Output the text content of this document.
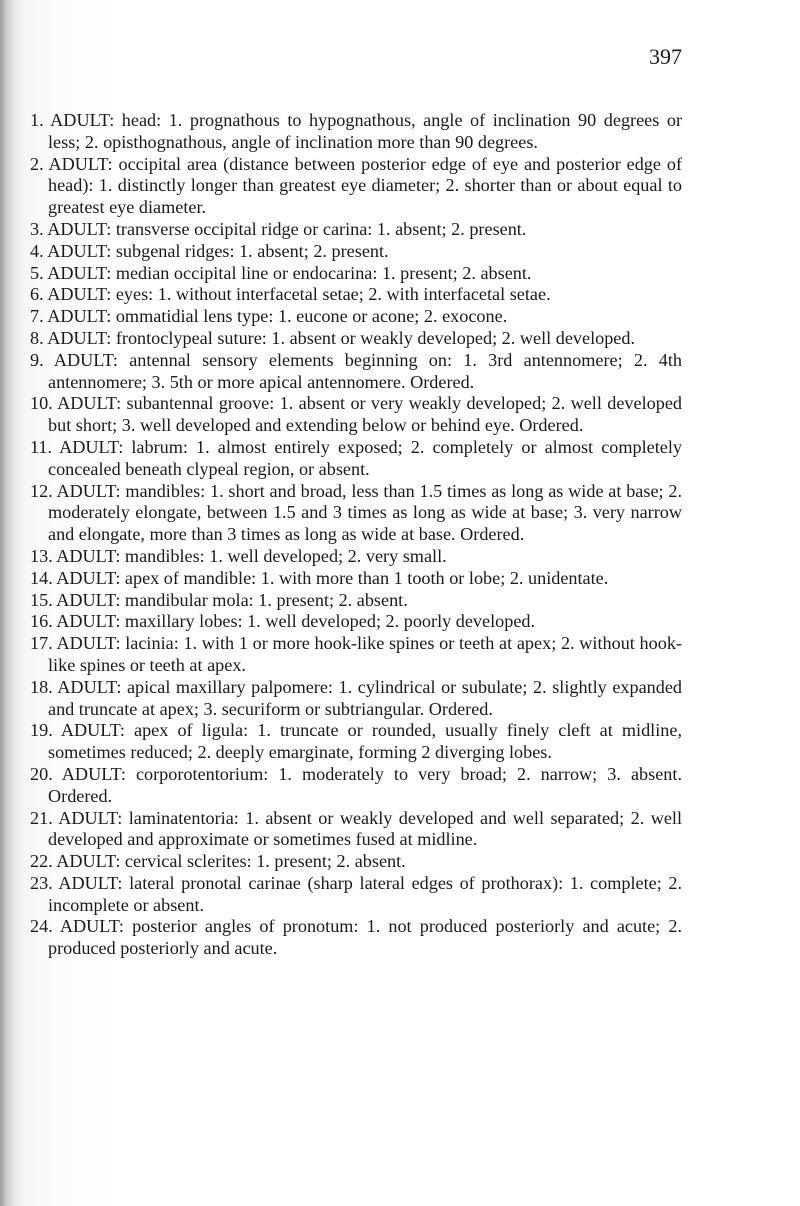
397

1. ADULT: head: 1. prognathous to hypognathous, angle of inclination 90 degrees or less; 2. opisthognathous, angle of inclination more than 90 degrees.
2. ADULT: occipital area (distance between posterior edge of eye and posterior edge of head): 1. distinctly longer than greatest eye diameter; 2. shorter than or about equal to greatest eye diameter.
3. ADULT: transverse occipital ridge or carina: 1. absent; 2. present.
4. ADULT: subgenal ridges: 1. absent; 2. present.
5. ADULT: median occipital line or endocarina: 1. present; 2. absent.
6. ADULT: eyes: 1. without interfacetal setae; 2. with interfacetal setae.
7. ADULT: ommatidial lens type: 1. eucone or acone; 2. exocone.
8. ADULT: frontoclypeal suture: 1. absent or weakly developed; 2. well developed.
9. ADULT: antennal sensory elements beginning on: 1. 3rd antennomere; 2. 4th antennomere; 3. 5th or more apical antennomere. Ordered.
10. ADULT: subantennal groove: 1. absent or very weakly developed; 2. well developed but short; 3. well developed and extending below or behind eye. Ordered.
11. ADULT: labrum: 1. almost entirely exposed; 2. completely or almost completely concealed beneath clypeal region, or absent.
12. ADULT: mandibles: 1. short and broad, less than 1.5 times as long as wide at base; 2. moderately elongate, between 1.5 and 3 times as long as wide at base; 3. very narrow and elongate, more than 3 times as long as wide at base. Ordered.
13. ADULT: mandibles: 1. well developed; 2. very small.
14. ADULT: apex of mandible: 1. with more than 1 tooth or lobe; 2. unidentate.
15. ADULT: mandibular mola: 1. present; 2. absent.
16. ADULT: maxillary lobes: 1. well developed; 2. poorly developed.
17. ADULT: lacinia: 1. with 1 or more hook-like spines or teeth at apex; 2. without hook-like spines or teeth at apex.
18. ADULT: apical maxillary palpomere: 1. cylindrical or subulate; 2. slightly expanded and truncate at apex; 3. securiform or subtriangular. Ordered.
19. ADULT: apex of ligula: 1. truncate or rounded, usually finely cleft at midline, sometimes reduced; 2. deeply emarginate, forming 2 diverging lobes.
20. ADULT: corporotentorium: 1. moderately to very broad; 2. narrow; 3. absent. Ordered.
21. ADULT: laminatentoria: 1. absent or weakly developed and well separated; 2. well developed and approximate or sometimes fused at midline.
22. ADULT: cervical sclerites: 1. present; 2. absent.
23. ADULT: lateral pronotal carinae (sharp lateral edges of prothorax): 1. complete; 2. incomplete or absent.
24. ADULT: posterior angles of pronotum: 1. not produced posteriorly and acute; 2. produced posteriorly and acute.
